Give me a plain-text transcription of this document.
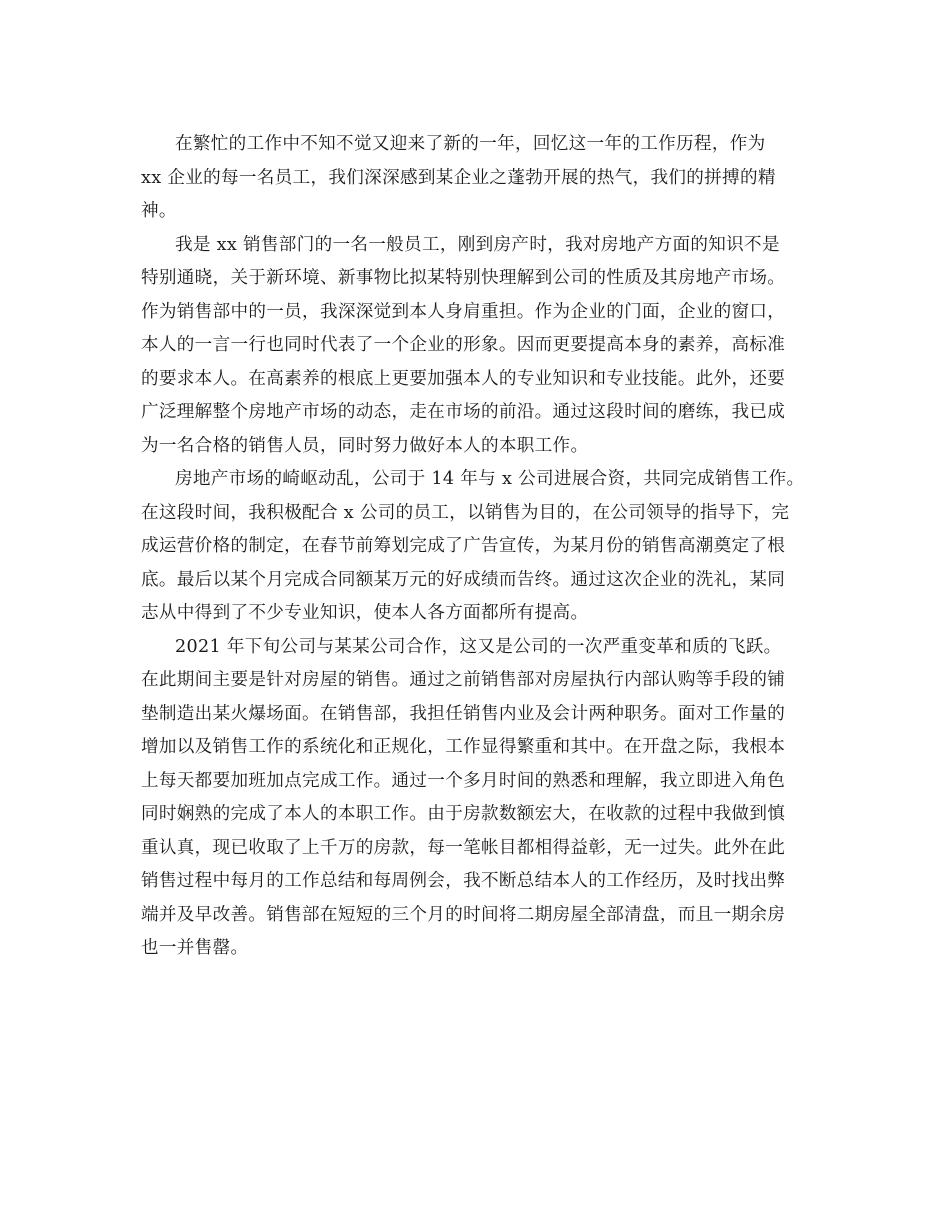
在繁忙的工作中不知不觉又迎来了新的一年，回忆这一年的工作历程，作为
xx 企业的每一名员工，我们深深感到某企业之蓬勃开展的热气，我们的拼搏的精
神。
我是 xx 销售部门的一名一般员工，刚到房产时，我对房地产方面的知识不是
特别通晓，关于新环境、新事物比拟某特别快理解到公司的性质及其房地产市场。
作为销售部中的一员，我深深觉到本人身肩重担。作为企业的门面，企业的窗口，
本人的一言一行也同时代表了一个企业的形象。因而更要提高本身的素养，高标准
的要求本人。在高素养的根底上更要加强本人的专业知识和专业技能。此外，还要
广泛理解整个房地产市场的动态，走在市场的前沿。通过这段时间的磨练，我已成
为一名合格的销售人员，同时努力做好本人的本职工作。
房地产市场的崎岖动乱，公司于 14 年与 x 公司进展合资，共同完成销售工作。
在这段时间，我积极配合 x 公司的员工，以销售为目的，在公司领导的指导下，完
成运营价格的制定，在春节前筹划完成了广告宣传，为某月份的销售高潮奠定了根
底。最后以某个月完成合同额某万元的好成绩而告终。通过这次企业的洗礼，某同
志从中得到了不少专业知识，使本人各方面都所有提高。
2021 年下旬公司与某某公司合作，这又是公司的一次严重变革和质的飞跃。
在此期间主要是针对房屋的销售。通过之前销售部对房屋执行内部认购等手段的铺
垫制造出某火爆场面。在销售部，我担任销售内业及会计两种职务。面对工作量的
增加以及销售工作的系统化和正规化，工作显得繁重和其中。在开盘之际，我根本
上每天都要加班加点完成工作。通过一个多月时间的熟悉和理解，我立即进入角色
同时娴熟的完成了本人的本职工作。由于房款数额宏大，在收款的过程中我做到慎
重认真，现已收取了上千万的房款，每一笔帐目都相得益彰，无一过失。此外在此
销售过程中每月的工作总结和每周例会，我不断总结本人的工作经历，及时找出弊
端并及早改善。销售部在短短的三个月的时间将二期房屋全部清盘，而且一期余房
也一并售罄。
